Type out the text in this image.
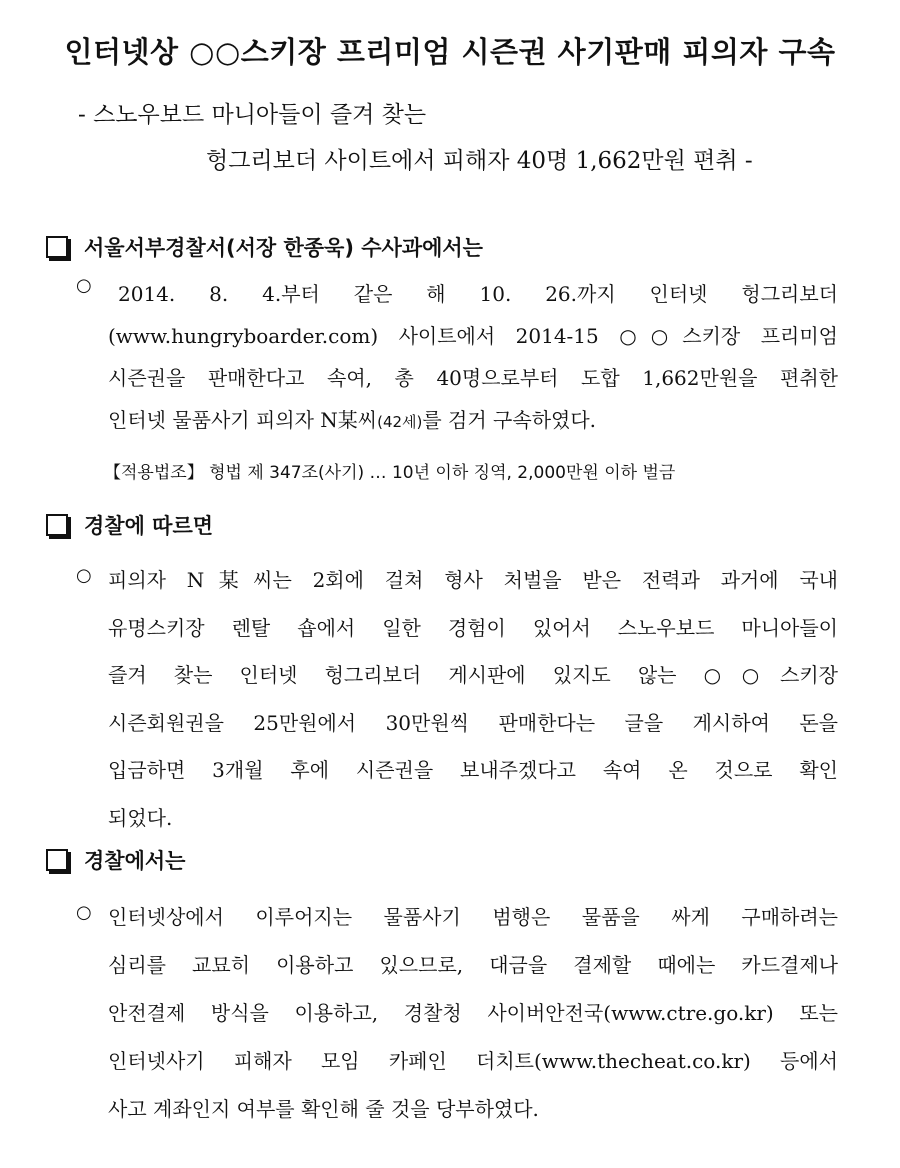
인터넷상 ○○스키장 프리미엄 시즌권 사기판매 피의자 구속
- 스노우보드 마니아들이 즐겨 찾는
헝그리보더 사이트에서 피해자 40명 1,662만원 편취 -
서울서부경찰서(서장 한종욱) 수사과에서는
○ 2014. 8. 4.부터 같은 해 10. 26.까지 인터넷 헝그리보더
(www.hungryboarder.com) 사이트에서 2014-15 ○○스키장 프리미엄
시즌권을 판매한다고 속여, 총 40명으로부터 도합 1,662만원을 편취한
인터넷 물품사기 피의자 N某씨(42세)를 검거 구속하였다.
【적용법조】 형법 제 347조(사기) … 10년 이하 징역, 2,000만원 이하 벌금
경찰에 따르면
○ 피의자 N某씨는 2회에 걸쳐 형사 처벌을 받은 전력과 과거에 국내
유명스키장 렌탈 숍에서 일한 경험이 있어서 스노우보드 마니아들이
즐겨 찾는 인터넷 헝그리보더 게시판에 있지도 않는 ○○스키장
시즌회원권을 25만원에서 30만원씩 판매한다는 글을 게시하여 돈을
입금하면 3개월 후에 시즌권을 보내주겠다고 속여 온 것으로 확인
되었다.
경찰에서는
○ 인터넷상에서 이루어지는 물품사기 범행은 물품을 싸게 구매하려는
심리를 교묘히 이용하고 있으므로, 대금을 결제할 때에는 카드결제나
안전결제 방식을 이용하고, 경찰청 사이버안전국(www.ctre.go.kr) 또는
인터넷사기 피해자 모임 카페인 더치트(www.thecheat.co.kr) 등에서
사고 계좌인지 여부를 확인해 줄 것을 당부하였다.
